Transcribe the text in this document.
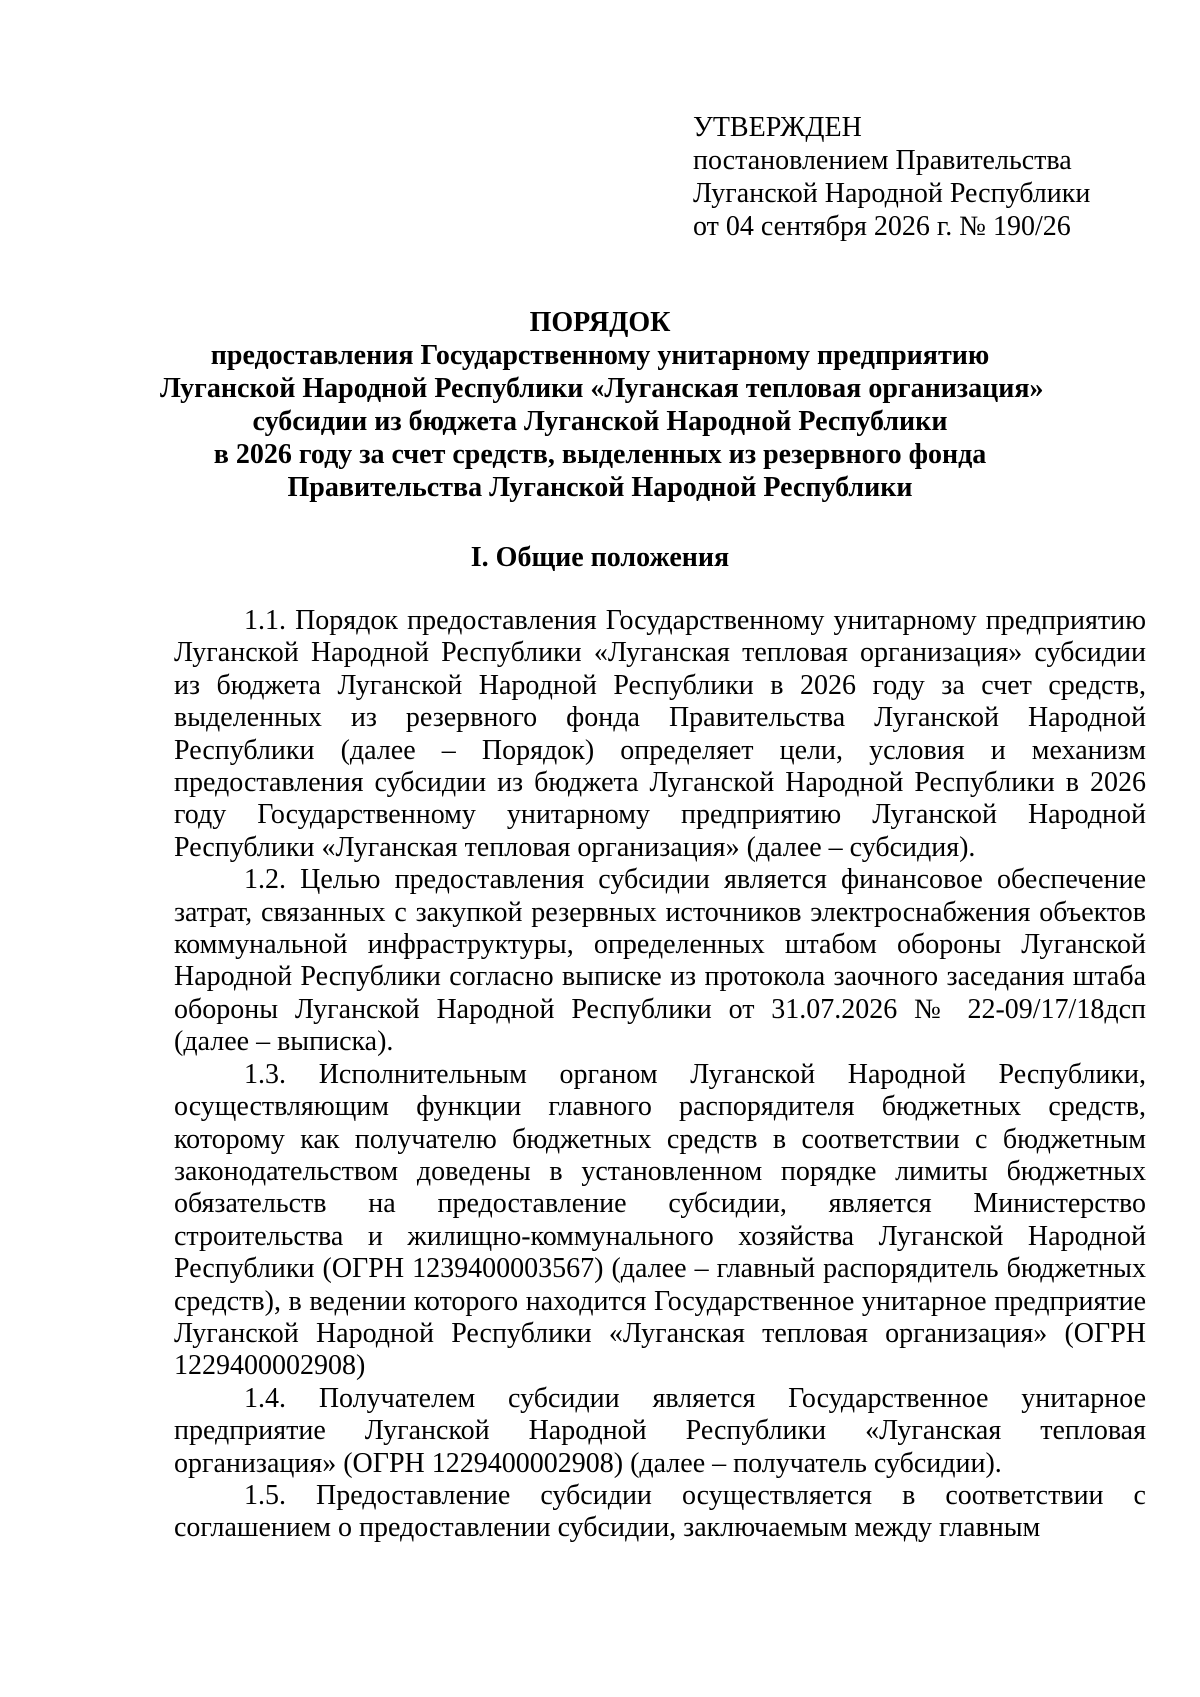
УТВЕРЖДЕН
постановлением Правительства
Луганской Народной Республики
от 04 сентября 2026 г. № 190/26
ПОРЯДОК
предоставления Государственному унитарному предприятию
Луганской Народной Республики «Луганская тепловая организация»
субсидии из бюджета Луганской Народной Республики
в 2026 году за счет средств, выделенных из резервного фонда
Правительства Луганской Народной Республики
I. Общие положения

1.1. Порядок предоставления Государственному унитарному предприятию Луганской Народной Республики «Луганская тепловая организация» субсидии из бюджета Луганской Народной Республики в 2026 году за счет средств, выделенных из резервного фонда Правительства Луганской Народной Республики (далее – Порядок) определяет цели, условия и механизм предоставления субсидии из бюджета Луганской Народной Республики в 2026 году Государственному унитарному предприятию Луганской Народной Республики «Луганская тепловая организация» (далее – субсидия).

1.2. Целью предоставления субсидии является финансовое обеспечение затрат, связанных с закупкой резервных источников электроснабжения объектов коммунальной инфраструктуры, определенных штабом обороны Луганской Народной Республики согласно выписке из протокола заочного заседания штаба обороны Луганской Народной Республики от 31.07.2026 № 22-09/17/18дсп (далее – выписка).

1.3. Исполнительным органом Луганской Народной Республики, осуществляющим функции главного распорядителя бюджетных средств, которому как получателю бюджетных средств в соответствии с бюджетным законодательством доведены в установленном порядке лимиты бюджетных обязательств на предоставление субсидии, является Министерство строительства и жилищно-коммунального хозяйства Луганской Народной Республики (ОГРН 1239400003567) (далее – главный распорядитель бюджетных средств), в ведении которого находится Государственное унитарное предприятие Луганской Народной Республики «Луганская тепловая организация» (ОГРН 1229400002908)

1.4. Получателем субсидии является Государственное унитарное предприятие Луганской Народной Республики «Луганская тепловая организация» (ОГРН 1229400002908) (далее – получатель субсидии).

1.5. Предоставление субсидии осуществляется в соответствии с соглашением о предоставлении субсидии, заключаемым между главным
